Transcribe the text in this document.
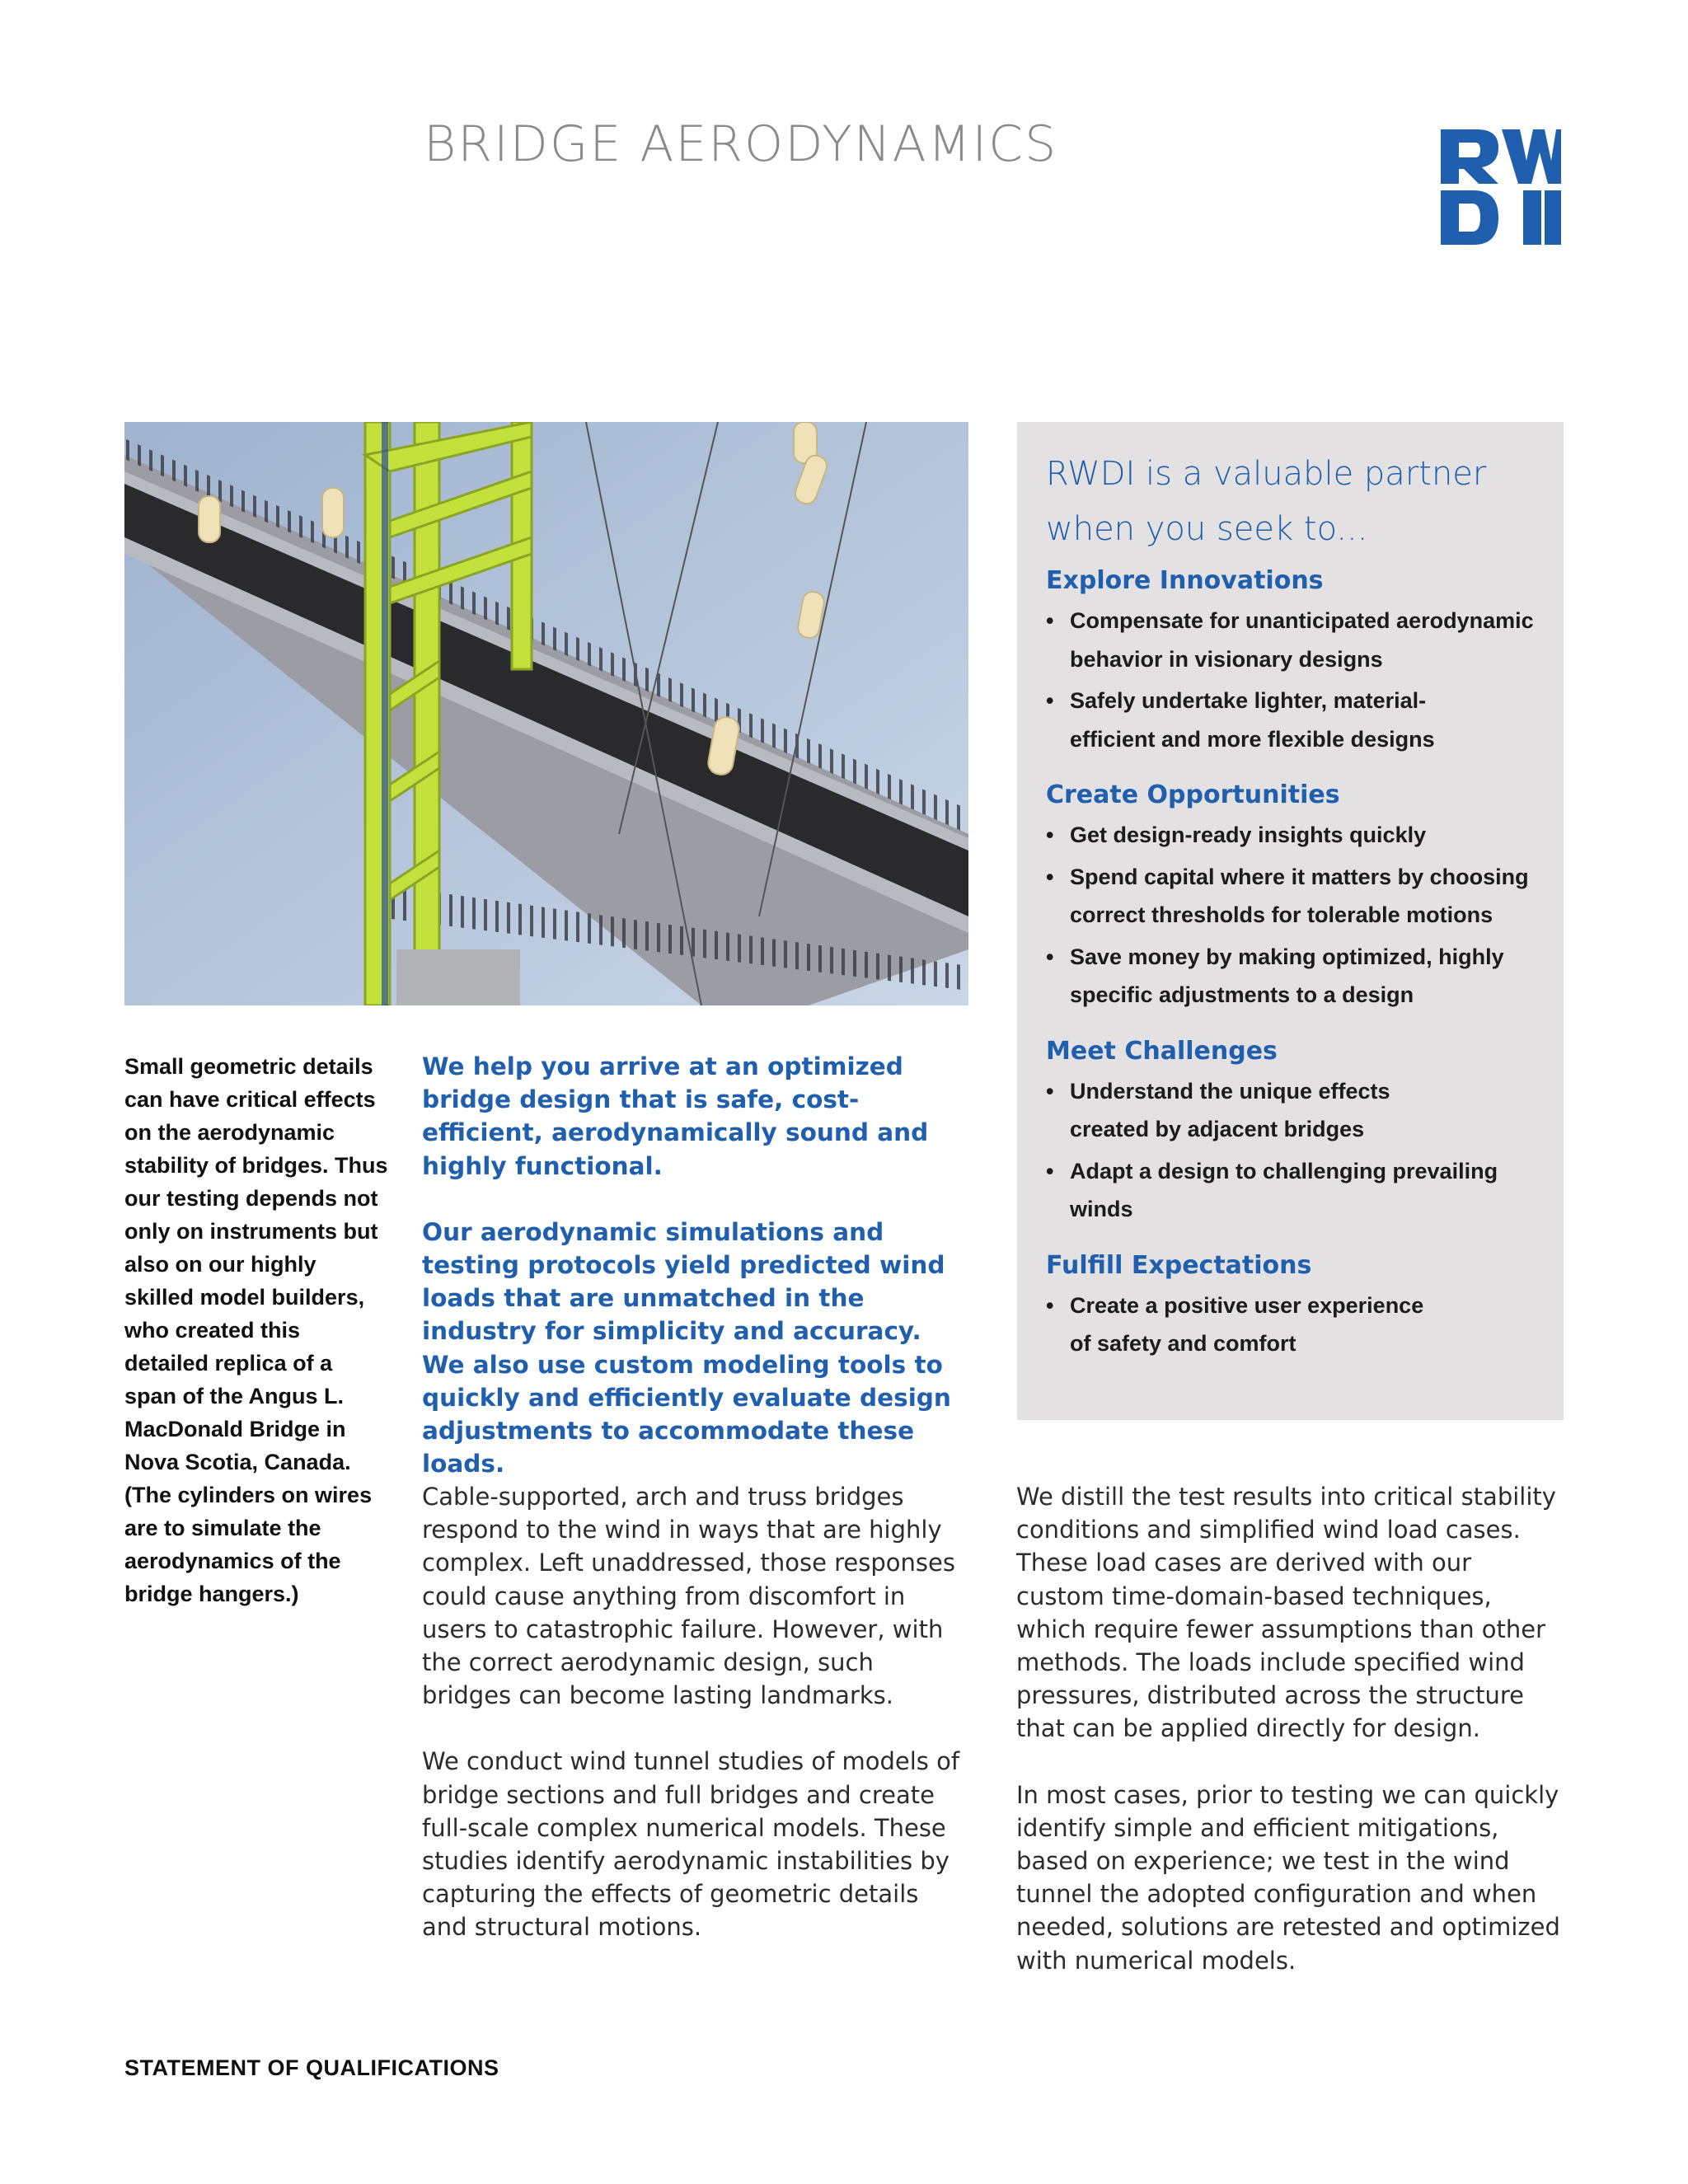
BRIDGE AERODYNAMICS
Small geometric details can have critical effects on the aerodynamic stability of bridges. Thus our testing depends not only on instruments but also on our highly skilled model builders, who created this detailed replica of a span of the Angus L. MacDonald Bridge in Nova Scotia, Canada. (The cylinders on wires are to simulate the aerodynamics of the bridge hangers.)

We help you arrive at an optimized bridge design that is safe, cost-efficient, aerodynamically sound and highly functional.

Our aerodynamic simulations and testing protocols yield predicted wind loads that are unmatched in the industry for simplicity and accuracy. We also use custom modeling tools to quickly and efficiently evaluate design adjustments to accommodate these loads.

Cable-supported, arch and truss bridges respond to the wind in ways that are highly complex. Left unaddressed, those responses could cause anything from discomfort in users to catastrophic failure. However, with the correct aerodynamic design, such bridges can become lasting landmarks.

We conduct wind tunnel studies of models of bridge sections and full bridges and create full-scale complex numerical models. These studies identify aerodynamic instabilities by capturing the effects of geometric details and structural motions.

We distill the test results into critical stability conditions and simplified wind load cases. These load cases are derived with our custom time-domain-based techniques, which require fewer assumptions than other methods. The loads include specified wind pressures, distributed across the structure that can be applied directly for design.

In most cases, prior to testing we can quickly identify simple and efficient mitigations, based on experience; we test in the wind tunnel the adopted configuration and when needed, solutions are retested and optimized with numerical models.

RWDI is a valuable partner when you seek to...
Explore Innovations
• Compensate for unanticipated aerodynamic
behavior in visionary designs
• Safely undertake lighter, material-
efficient and more flexible designs
Create Opportunities
• Get design-ready insights quickly
• Spend capital where it matters by choosing
correct thresholds for tolerable motions
• Save money by making optimized, highly
specific adjustments to a design
Meet Challenges
• Understand the unique effects
created by adjacent bridges
• Adapt a design to challenging prevailing winds
Fulfill Expectations
• Create a positive user experience
of safety and comfort
STATEMENT OF QUALIFICATIONS
